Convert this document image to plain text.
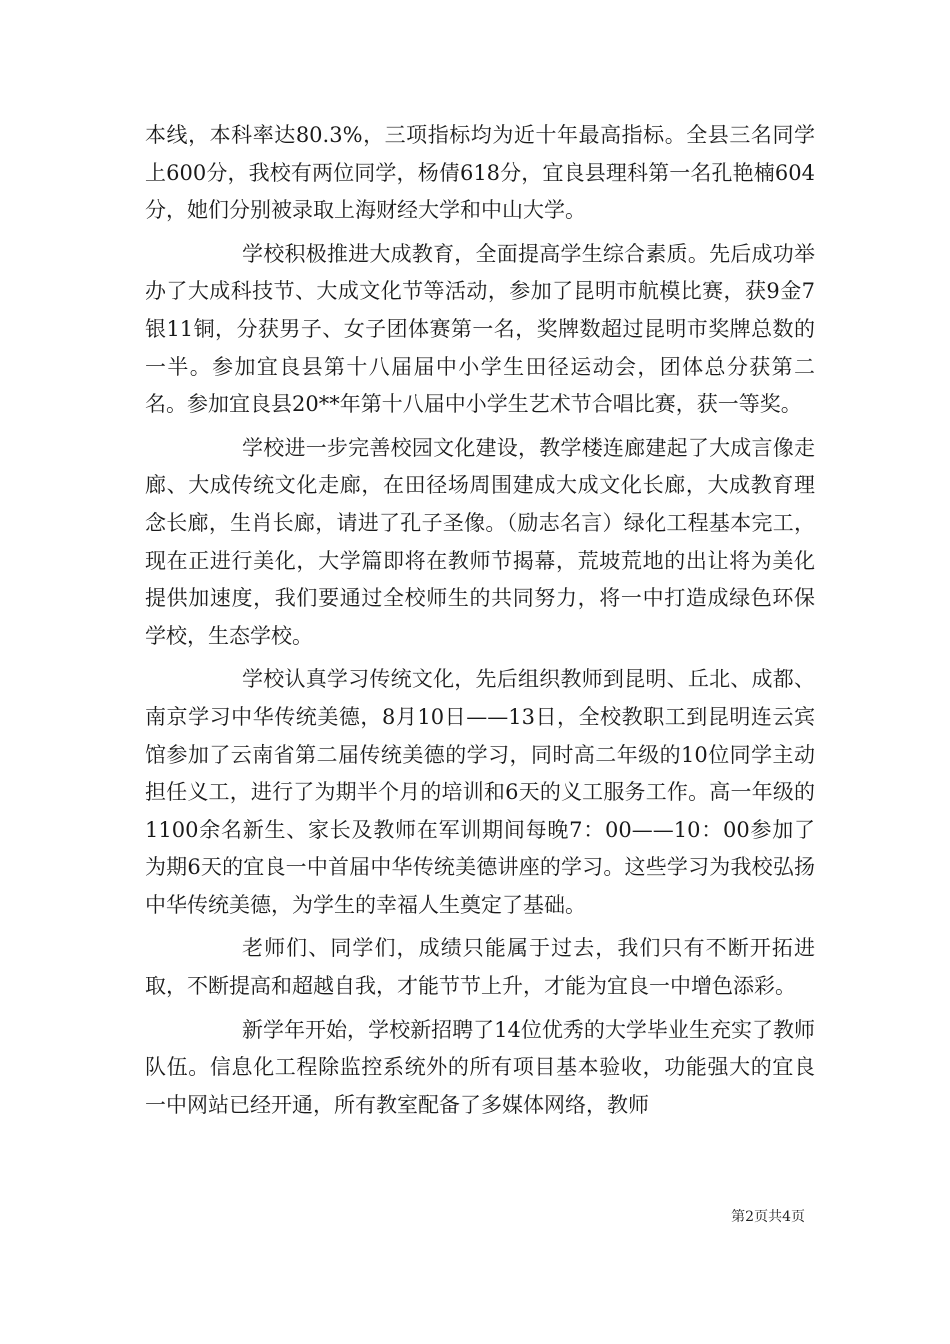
本线，本科率达80.3%，三项指标均为近十年最高指标。全县三名同学上600分，我校有两位同学，杨倩618分，宜良县理科第一名孔艳楠604分，她们分别被录取上海财经大学和中山大学。

学校积极推进大成教育，全面提高学生综合素质。先后成功举办了大成科技节、大成文化节等活动，参加了昆明市航模比赛，获9金7银11铜，分获男子、女子团体赛第一名，奖牌数超过昆明市奖牌总数的一半。参加宜良县第十八届届中小学生田径运动会，团体总分获第二名。参加宜良县20**年第十八届中小学生艺术节合唱比赛，获一等奖。

学校进一步完善校园文化建设，教学楼连廊建起了大成言像走廊、大成传统文化走廊，在田径场周围建成大成文化长廊，大成教育理念长廊，生肖长廊，请进了孔子圣像。（励志名言）绿化工程基本完工，现在正进行美化，大学篇即将在教师节揭幕，荒坡荒地的出让将为美化提供加速度，我们要通过全校师生的共同努力，将一中打造成绿色环保学校，生态学校。

学校认真学习传统文化，先后组织教师到昆明、丘北、成都、南京学习中华传统美德，8月10日——13日，全校教职工到昆明连云宾馆参加了云南省第二届传统美德的学习，同时高二年级的10位同学主动担任义工，进行了为期半个月的培训和6天的义工服务工作。高一年级的1100余名新生、家长及教师在军训期间每晚7：00——10：00参加了为期6天的宜良一中首届中华传统美德讲座的学习。这些学习为我校弘扬中华传统美德，为学生的幸福人生奠定了基础。

老师们、同学们，成绩只能属于过去，我们只有不断开拓进取，不断提高和超越自我，才能节节上升，才能为宜良一中增色添彩。

新学年开始，学校新招聘了14位优秀的大学毕业生充实了教师队伍。信息化工程除监控系统外的所有项目基本验收，功能强大的宜良一中网站已经开通，所有教室配备了多媒体网络，教师

第2页共4页
